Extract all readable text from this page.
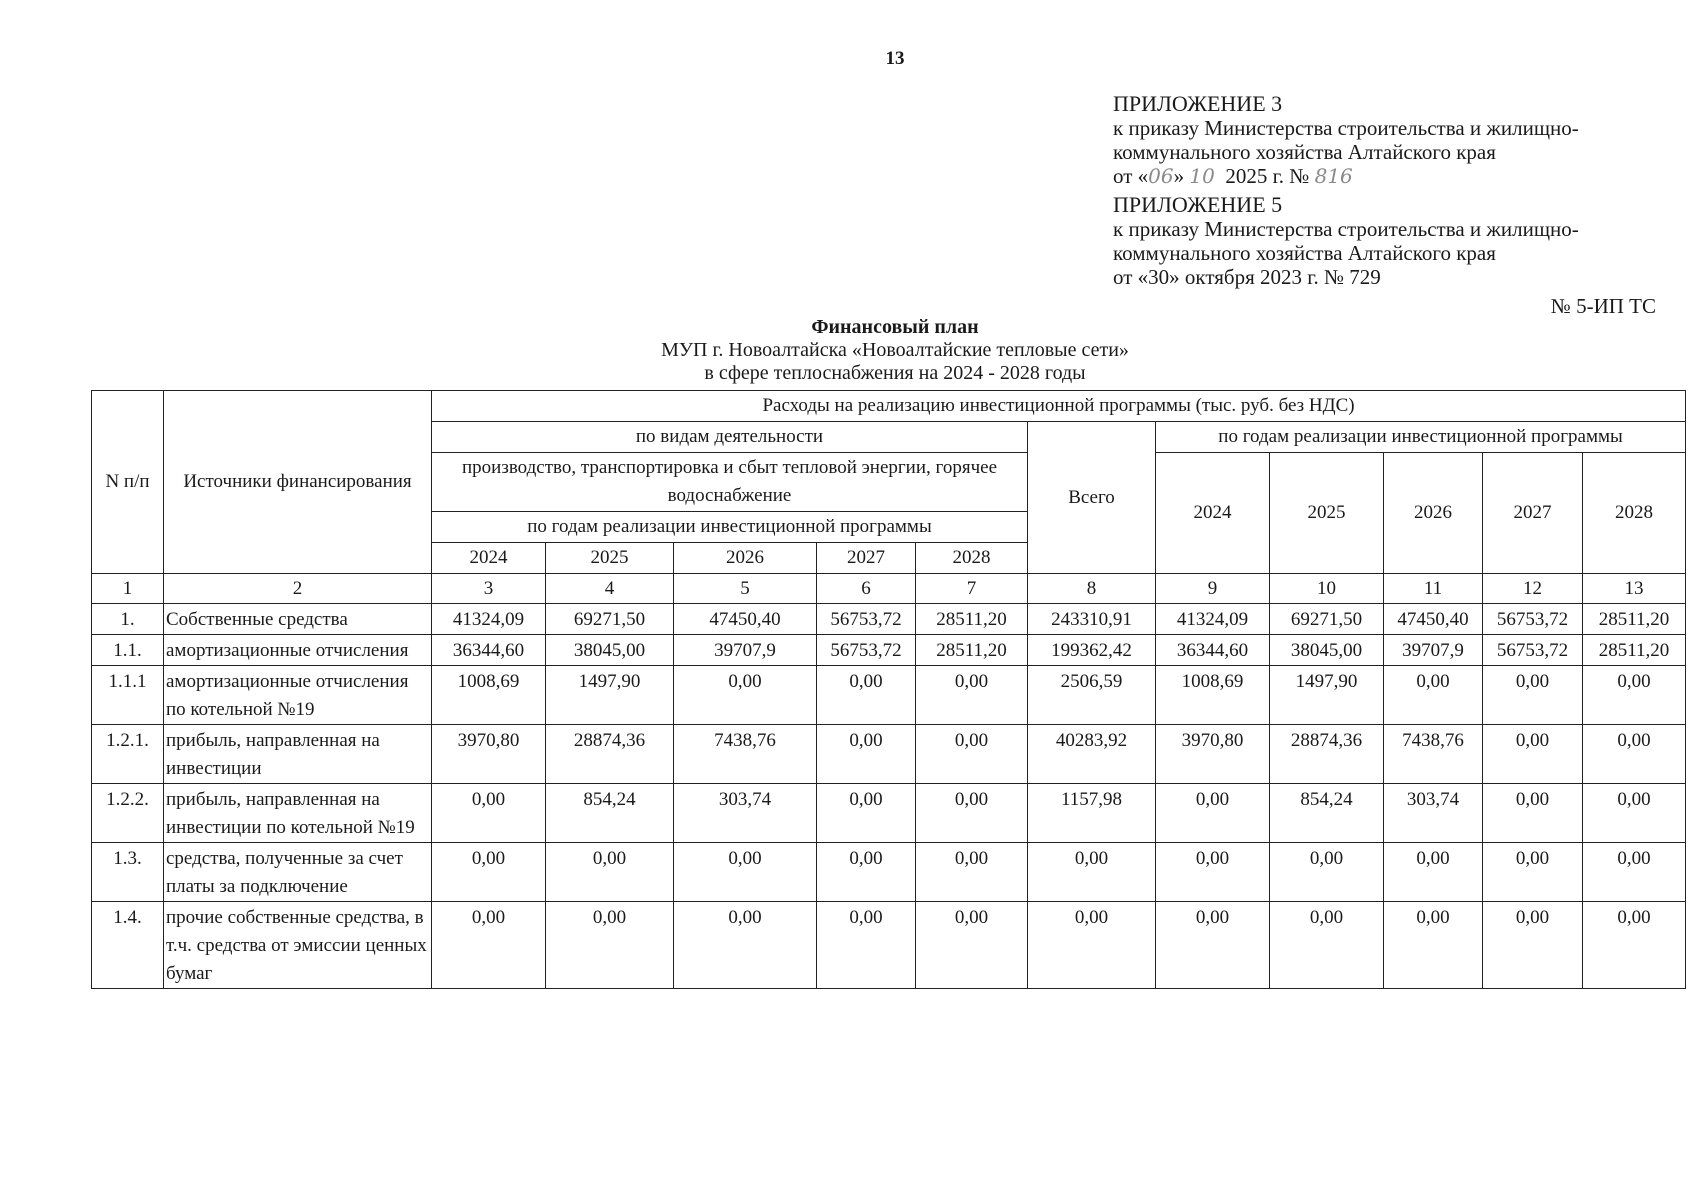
13
ПРИЛОЖЕНИЕ 3
к приказу Министерства строительства и жилищно-
коммунального хозяйства Алтайского края
от «06» 10 2025 г. № 816
ПРИЛОЖЕНИЕ 5
к приказу Министерства строительства и жилищно-
коммунального хозяйства Алтайского края
от «30» октября 2023 г. № 729
№ 5-ИП ТС
Финансовый план
МУП г. Новоалтайска «Новоалтайские тепловые сети»
в сфере теплоснабжения на 2024 - 2028 годы
N п/п	Источники финансирования	Расходы на реализацию инвестиционной программы (тыс. руб. без НДС)										
		по видам деятельности					Всего	по годам реализации инвестиционной программы				
		производство, транспортировка и сбыт тепловой энергии, горячее водоснабжение						2024	2025	2026	2027	2028
		по годам реализации инвестиционной программы										
		2024	2025	2026	2027	2028						
1	2	3	4	5	6	7	8	9	10	11	12	13
1.	Собственные средства	41324,09	69271,50	47450,40	56753,72	28511,20	243310,91	41324,09	69271,50	47450,40	56753,72	28511,20
1.1.	амортизационные отчисления	36344,60	38045,00	39707,9	56753,72	28511,20	199362,42	36344,60	38045,00	39707,9	56753,72	28511,20
1.1.1	амортизационные отчисления по котельной №19	1008,69	1497,90	0,00	0,00	0,00	2506,59	1008,69	1497,90	0,00	0,00	0,00
1.2.1.	прибыль, направленная на инвестиции	3970,80	28874,36	7438,76	0,00	0,00	40283,92	3970,80	28874,36	7438,76	0,00	0,00
1.2.2.	прибыль, направленная на инвестиции по котельной №19	0,00	854,24	303,74	0,00	0,00	1157,98	0,00	854,24	303,74	0,00	0,00
1.3.	средства, полученные за счет платы за подключение	0,00	0,00	0,00	0,00	0,00	0,00	0,00	0,00	0,00	0,00	0,00
1.4.	прочие собственные средства, в т.ч. средства от эмиссии ценных бумаг	0,00	0,00	0,00	0,00	0,00	0,00	0,00	0,00	0,00	0,00	0,00
